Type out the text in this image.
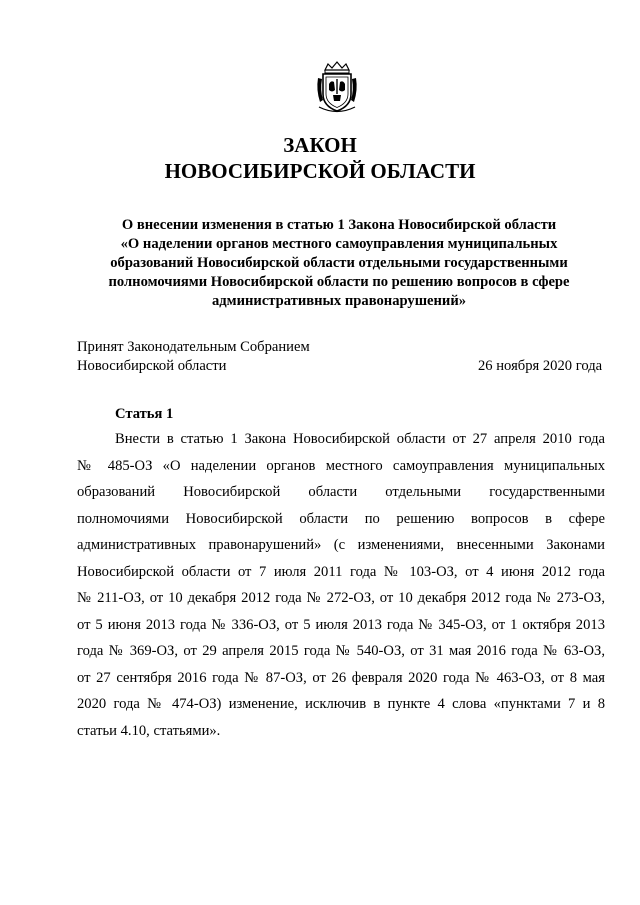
ЗАКОН
НОВОСИБИРСКОЙ ОБЛАСТИ
О внесении изменения в статью 1 Закона Новосибирской области
«О наделении органов местного самоуправления муниципальных
образований Новосибирской области отдельными государственными
полномочиями Новосибирской области по решению вопросов в сфере
административных правонарушений»
Принят Законодательным Собранием
Новосибирской области	26 ноября 2020 года
Статья 1
Внести в статью 1 Закона Новосибирской области от 27 апреля 2010 года
№ 485-ОЗ «О наделении органов местного самоуправления муниципальных
образований Новосибирской области отдельными государственными
полномочиями Новосибирской области по решению вопросов в сфере
административных правонарушений» (с изменениями, внесенными Законами
Новосибирской области от 7 июля 2011 года № 103-ОЗ, от 4 июня 2012 года
№ 211-ОЗ, от 10 декабря 2012 года № 272-ОЗ, от 10 декабря 2012 года № 273-ОЗ,
от 5 июня 2013 года № 336-ОЗ, от 5 июля 2013 года № 345-ОЗ, от 1 октября 2013
года № 369-ОЗ, от 29 апреля 2015 года № 540-ОЗ, от 31 мая 2016 года № 63-ОЗ,
от 27 сентября 2016 года № 87-ОЗ, от 26 февраля 2020 года № 463-ОЗ, от 8 мая
2020 года № 474-ОЗ) изменение, исключив в пункте 4 слова «пунктами 7 и 8
статьи 4.10, статьями».
